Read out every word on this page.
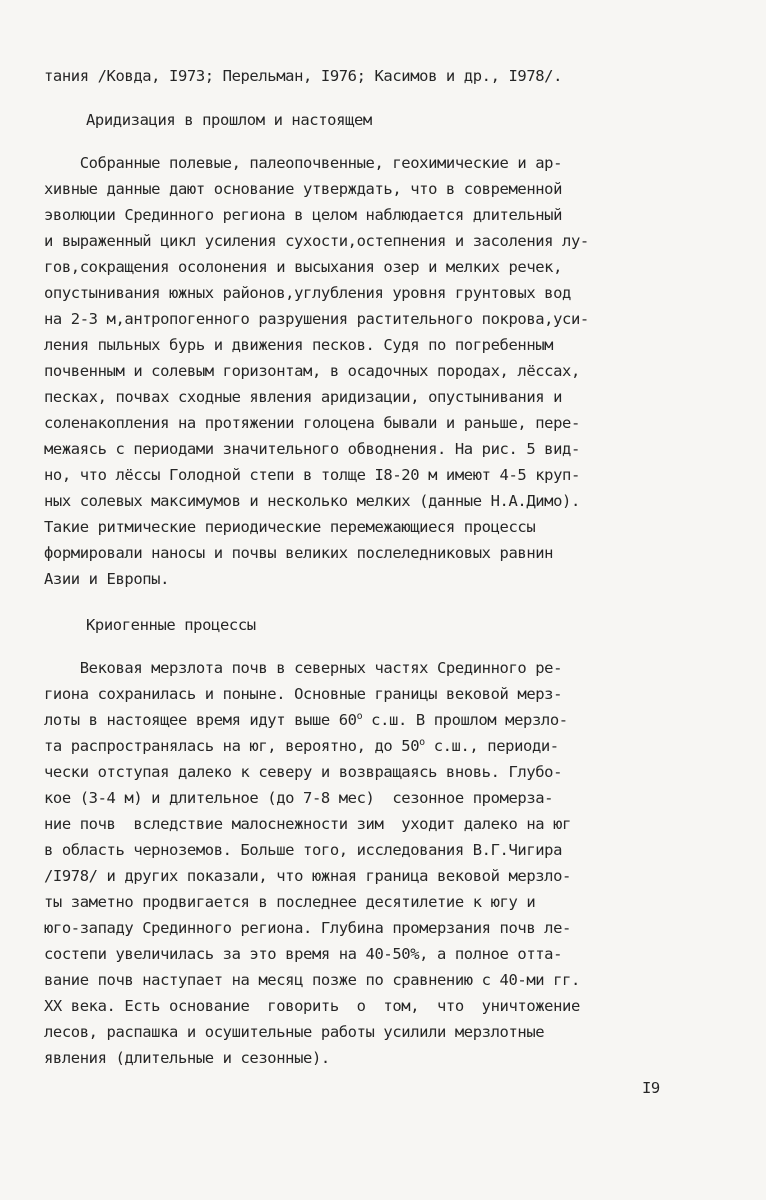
тания /Ковда, I973; Перельман, I976; Касимов и др., I978/.
Аридизация в прошлом и настоящем
Собранные полевые, палеопочвенные, геохимические и ар-
хивные данные дают основание утверждать, что в современной
эволюции Срединного региона в целом наблюдается длительный
и выраженный цикл усиления сухости,остепнения и засоления лу-
гов,сокращения осолонения и высыхания озер и мелких речек,
опустынивания южных районов,углубления уровня грунтовых вод
на 2-3 м,антропогенного разрушения растительного покрова,уси-
ления пыльных бурь и движения песков. Судя по погребенным
почвенным и солевым горизонтам, в осадочных породах, лёссах,
песках, почвах сходные явления аридизации, опустынивания и
соленакопления на протяжении голоцена бывали и раньше, пере-
межаясь с периодами значительного обводнения. На рис. 5 вид-
но, что лёссы Голодной степи в толще I8-20 м имеют 4-5 круп-
ных солевых максимумов и несколько мелких (данные Н.А.Димо).
Такие ритмические периодические перемежающиеся процессы
формировали наносы и почвы великих послеледниковых равнин
Азии и Европы.
Криогенные процессы
Вековая мерзлота почв в северных частях Срединного ре-
гиона сохранилась и поныне. Основные границы вековой мерз-
лоты в настоящее время идут выше $60^о$ с.ш. В прошлом мерзло-
та распространялась на юг, вероятно, до $50^о$ с.ш., периоди-
чески отступая далеко к северу и возвращаясь вновь. Глубо-
кое (3-4 м) и длительное (до 7-8 мес)  сезонное промерза-
ние почв  вследствие малоснежности зим  уходит далеко на юг
в область черноземов. Больше того, исследования В.Г.Чигира
/I978/ и других показали, что южная граница вековой мерзло-
ты заметно продвигается в последнее десятилетие к югу и
юго-западу Срединного региона. Глубина промерзания почв ле-
состепи увеличилась за это время на 40-50%, а полное отта-
вание почв наступает на месяц позже по сравнению с 40-ми гг.
XX века. Есть основание  говорить  о  том,  что  уничтожение
лесов, распашка и осушительные работы усилили мерзлотные
явления (длительные и сезонные).
I9
